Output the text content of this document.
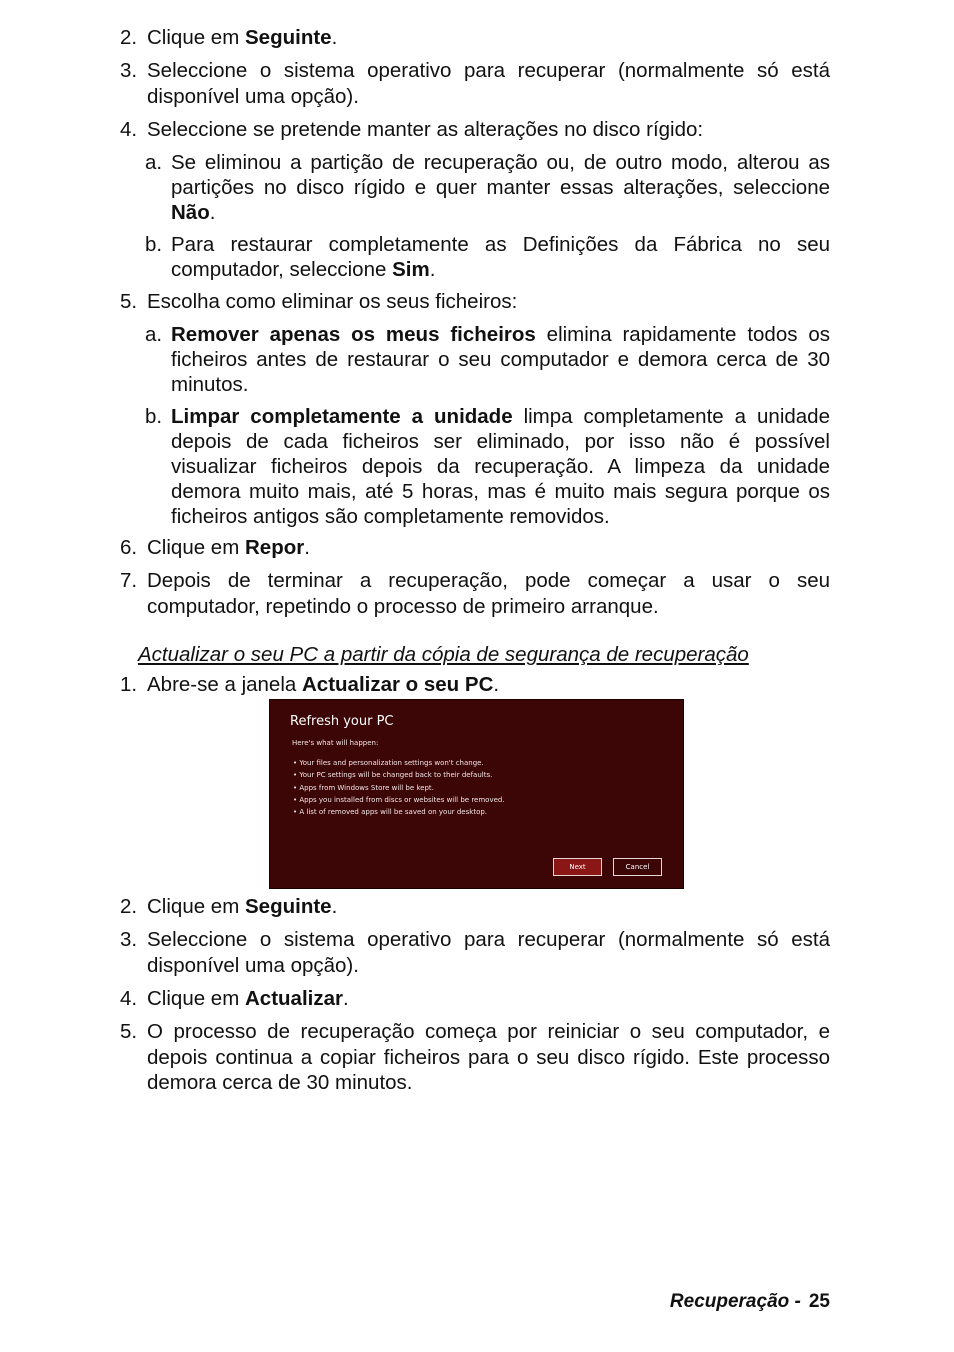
2. Clique em Seguinte.
3. Seleccione o sistema operativo para recuperar (normalmente só está disponível uma opção).
4. Seleccione se pretende manter as alterações no disco rígido:
a. Se eliminou a partição de recuperação ou, de outro modo, alterou as partições no disco rígido e quer manter essas alterações, seleccione Não.
b. Para restaurar completamente as Definições da Fábrica no seu computador, seleccione Sim.
5. Escolha como eliminar os seus ficheiros:
a. Remover apenas os meus ficheiros elimina rapidamente todos os ficheiros antes de restaurar o seu computador e demora cerca de 30 minutos.
b. Limpar completamente a unidade limpa completamente a unidade depois de cada ficheiros ser eliminado, por isso não é possível visualizar ficheiros depois da recuperação. A limpeza da unidade demora muito mais, até 5 horas, mas é muito mais segura porque os ficheiros antigos são completamente removidos.
6. Clique em Repor.
7. Depois de terminar a recuperação, pode começar a usar o seu computador, repetindo o processo de primeiro arranque.
Actualizar o seu PC a partir da cópia de segurança de recuperação
1. Abre-se a janela Actualizar o seu PC.
Refresh your PC
Here's what will happen:
• Your files and personalization settings won't change.
• Your PC settings will be changed back to their defaults.
• Apps from Windows Store will be kept.
• Apps you installed from discs or websites will be removed.
• A list of removed apps will be saved on your desktop.
Next	Cancel
2. Clique em Seguinte.
3. Seleccione o sistema operativo para recuperar (normalmente só está disponível uma opção).
4. Clique em Actualizar.
5. O processo de recuperação começa por reiniciar o seu computador, e depois continua a copiar ficheiros para o seu disco rígido. Este processo demora cerca de 30 minutos.
Recuperação - 25
